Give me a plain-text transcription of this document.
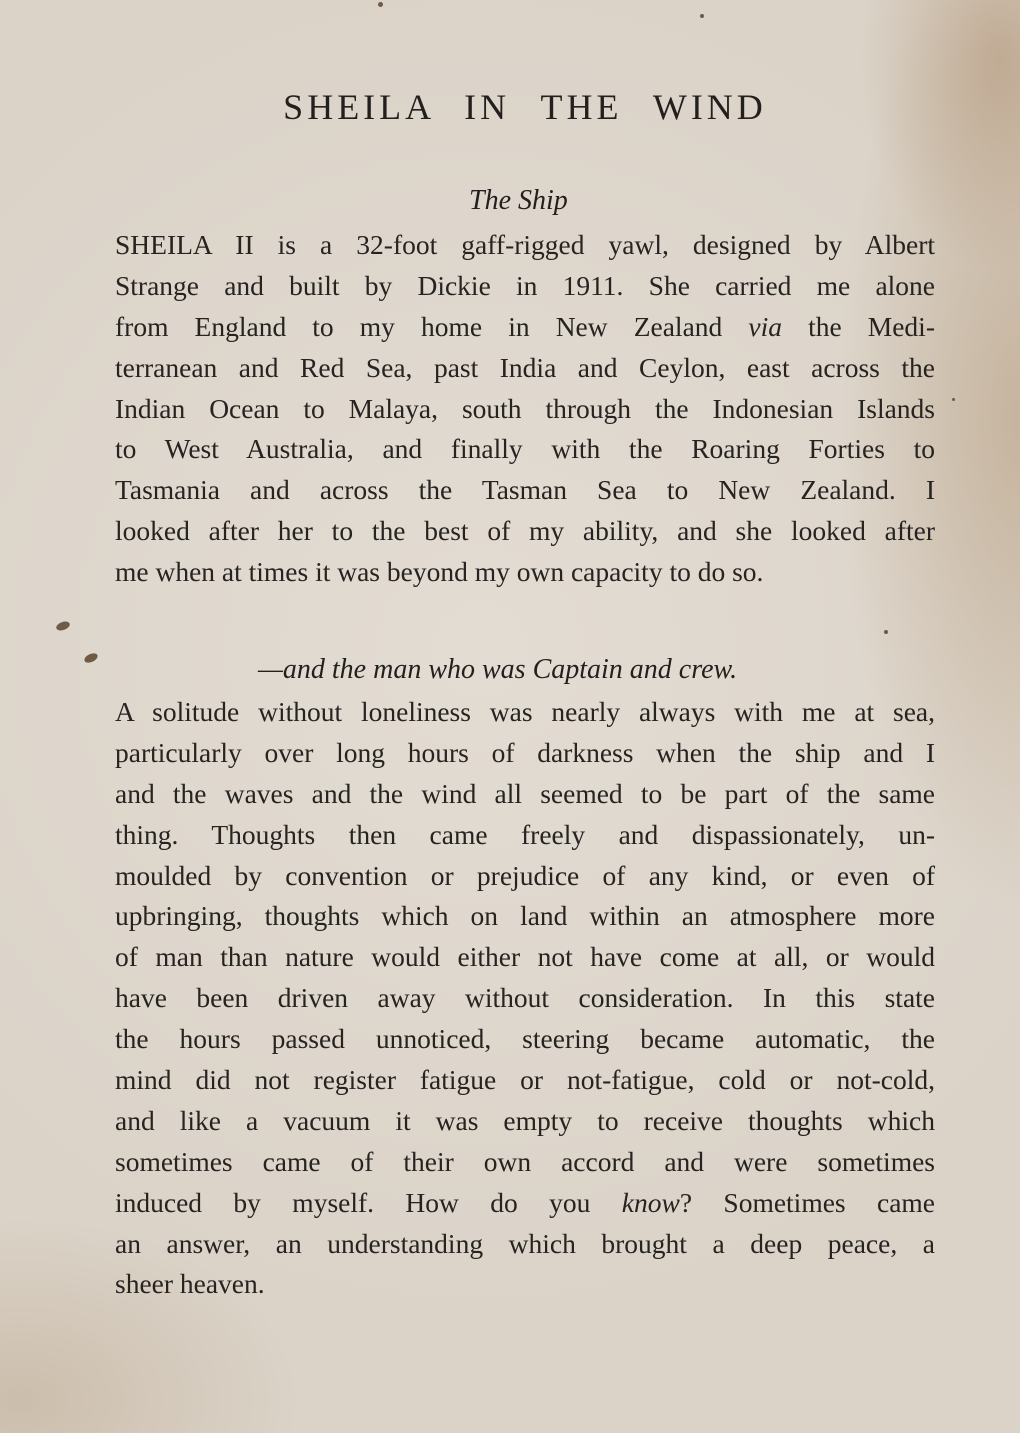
SHEILA IN THE WIND
The Ship
SHEILA II is a 32-foot gaff-rigged yawl, designed by Albert
Strange and built by Dickie in 1911. She carried me alone
from England to my home in New Zealand via the Medi-
terranean and Red Sea, past India and Ceylon, east across the
Indian Ocean to Malaya, south through the Indonesian Islands
to West Australia, and finally with the Roaring Forties to
Tasmania and across the Tasman Sea to New Zealand. I
looked after her to the best of my ability, and she looked after
me when at times it was beyond my own capacity to do so.
—and the man who was Captain and crew.
A solitude without loneliness was nearly always with me at sea,
particularly over long hours of darkness when the ship and I
and the waves and the wind all seemed to be part of the same
thing. Thoughts then came freely and dispassionately, un-
moulded by convention or prejudice of any kind, or even of
upbringing, thoughts which on land within an atmosphere more
of man than nature would either not have come at all, or would
have been driven away without consideration. In this state
the hours passed unnoticed, steering became automatic, the
mind did not register fatigue or not-fatigue, cold or not-cold,
and like a vacuum it was empty to receive thoughts which
sometimes came of their own accord and were sometimes
induced by myself. How do you know? Sometimes came
an answer, an understanding which brought a deep peace, a
sheer heaven.
